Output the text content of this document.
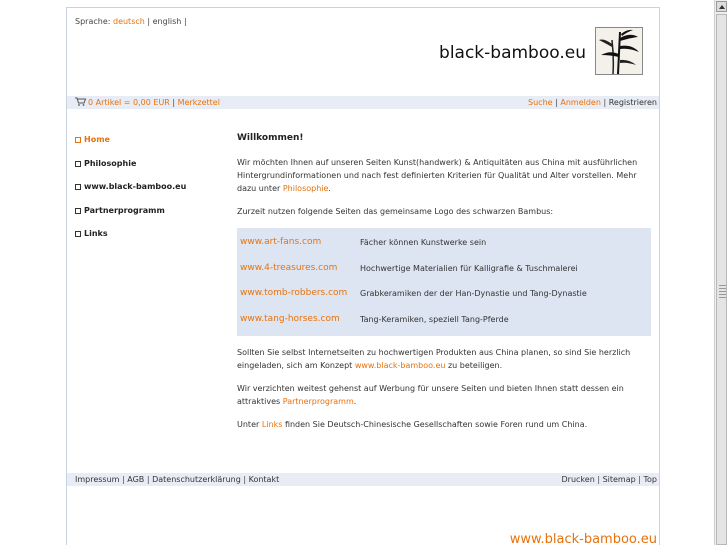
Sprache: deutsch | english |
black-bamboo.eu
0 Artikel = 0,00 EUR | Merkzettel	Suche | Anmelden | Registrieren
Home
Philosophie
www.black-bamboo.eu
Partnerprogramm
Links
Willkommen!

Wir möchten Ihnen auf unseren Seiten Kunst(handwerk) & Antiquitäten aus China mit ausführlichen Hintergrundinformationen und nach fest definierten Kriterien für Qualität und Alter vorstellen. Mehr dazu unter Philosophie.

Zurzeit nutzen folgende Seiten das gemeinsame Logo des schwarzen Bambus:

www.art-fans.com	Fächer können Kunstwerke sein
www.4-treasures.com	Hochwertige Materialien für Kalligrafie & Tuschmalerei
www.tomb-robbers.com	Grabkeramiken der der Han-Dynastie und Tang-Dynastie
www.tang-horses.com	Tang-Keramiken, speziell Tang-Pferde

Sollten Sie selbst Internetseiten zu hochwertigen Produkten aus China planen, so sind Sie herzlich eingeladen, sich am Konzept www.black-bamboo.eu zu beteiligen.

Wir verzichten weitest gehenst auf Werbung für unsere Seiten und bieten Ihnen statt dessen ein attraktives Partnerprogramm.

Unter Links finden Sie Deutsch-Chinesische Gesellschaften sowie Foren rund um China.

Impressum | AGB | Datenschutzerklärung | Kontakt	Drucken | Sitemap | Top
www.black-bamboo.eu
